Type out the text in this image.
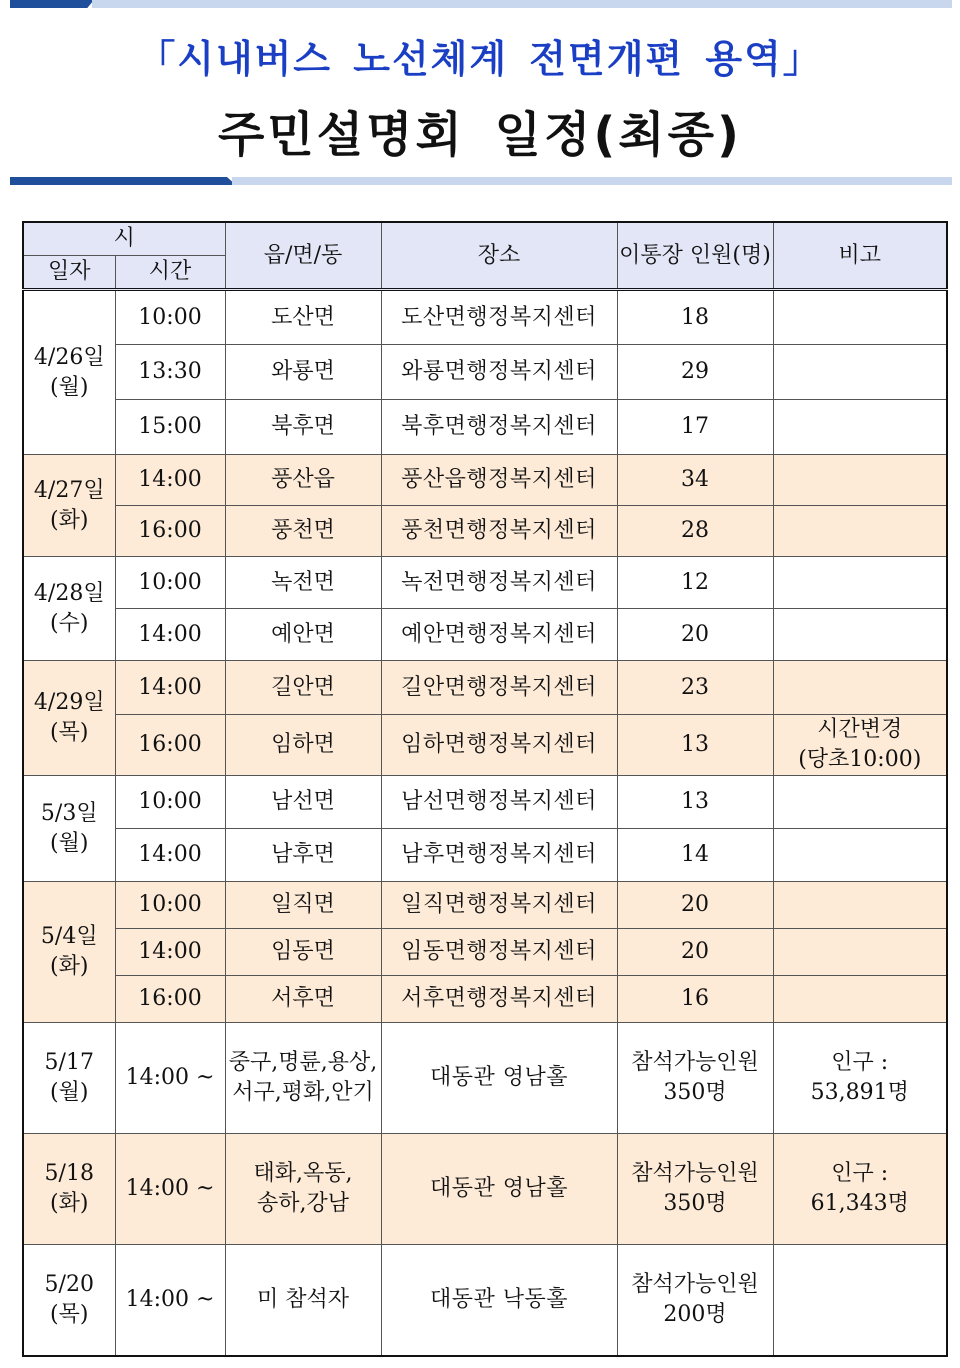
「시내버스 노선체계 전면개편 용역」
주민설명회 일정(최종)
시		읍/면/동	장소	이통장 인원(명)	비고
일자	시간				
4/26일
(월)	10:00	도산면	도산면행정복지센터	18	
	13:30	와룡면	와룡면행정복지센터	29	
	15:00	북후면	북후면행정복지센터	17	
4/27일
(화)	14:00	풍산읍	풍산읍행정복지센터	34	
	16:00	풍천면	풍천면행정복지센터	28	
4/28일
(수)	10:00	녹전면	녹전면행정복지센터	12	
	14:00	예안면	예안면행정복지센터	20	
4/29일
(목)	14:00	길안면	길안면행정복지센터	23	
	16:00	임하면	임하면행정복지센터	13	시간변경
(당초10:00)
5/3일
(월)	10:00	남선면	남선면행정복지센터	13	
	14:00	남후면	남후면행정복지센터	14	
5/4일
(화)	10:00	일직면	일직면행정복지센터	20	
	14:00	임동면	임동면행정복지센터	20	
	16:00	서후면	서후면행정복지센터	16	
5/17
(월)	14:00 ~	중구,명륜,용상,
서구,평화,안기	대동관 영남홀	참석가능인원
350명	인구 :
53,891명
5/18
(화)	14:00 ~	태화,옥동,
송하,강남	대동관 영남홀	참석가능인원
350명	인구 :
61,343명
5/20
(목)	14:00 ~	미 참석자	대동관 낙동홀	참석가능인원
200명	
